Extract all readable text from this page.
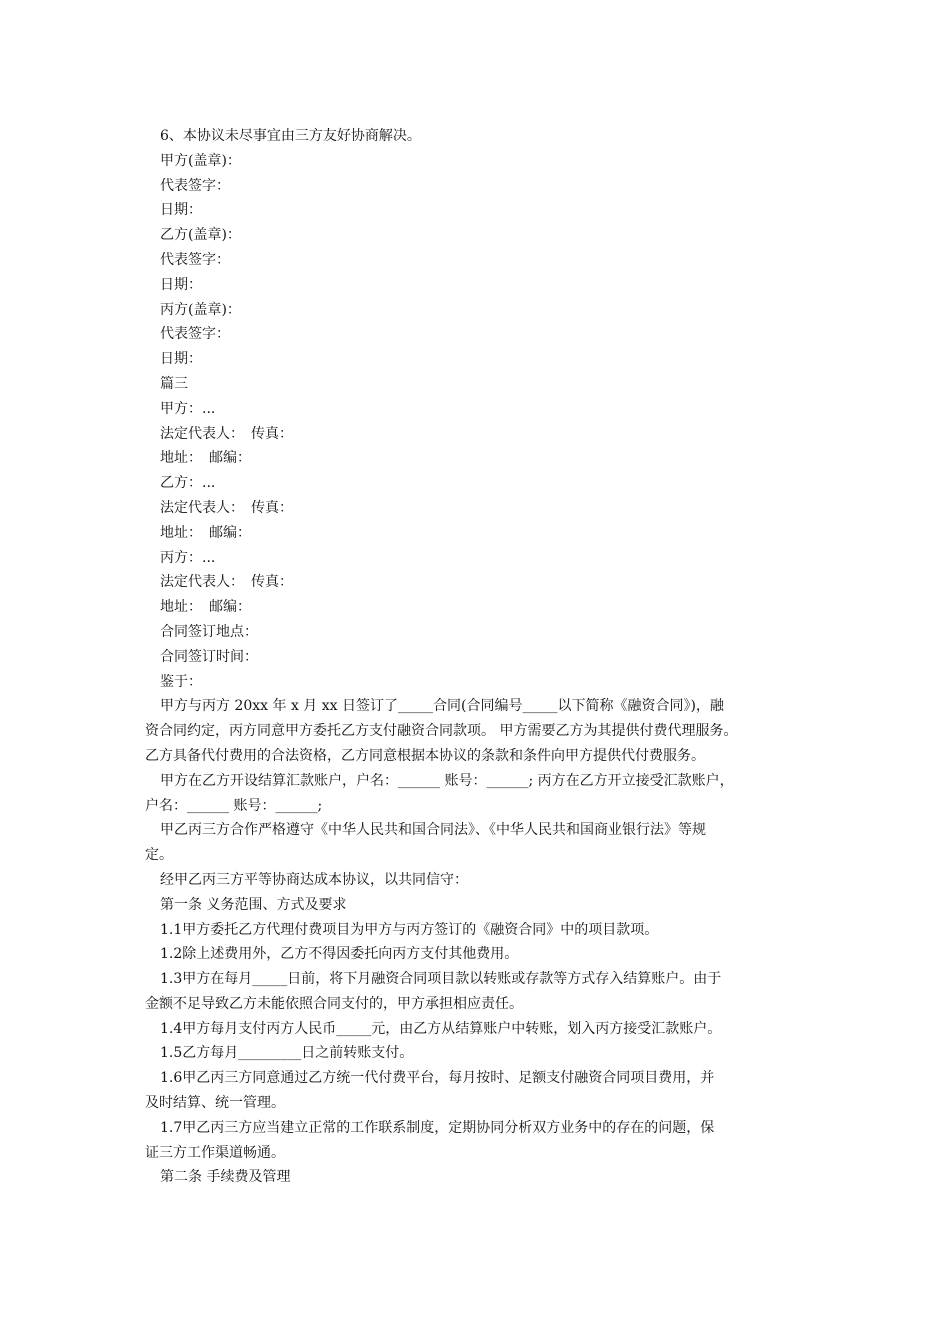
6、本协议未尽事宜由三方友好协商解决。
甲方(盖章)：
代表签字：
日期：
乙方(盖章)：
代表签字：
日期：
丙方(盖章)：
代表签字：
日期：
篇三
甲方：...
法定代表人：　传真：
地址：　邮编：
乙方：...
法定代表人：　传真：
地址：　邮编：
丙方：...
法定代表人：　传真：
地址：　邮编：
合同签订地点：
合同签订时间：
鉴于：
甲方与丙方 20xx 年 x 月 xx 日签订了_____合同(合同编号_____以下简称《融资合同》)，融
资合同约定，丙方同意甲方委托乙方支付融资合同款项。 甲方需要乙方为其提供付费代理服务。
乙方具备代付费用的合法资格，乙方同意根据本协议的条款和条件向甲方提供代付费服务。
甲方在乙方开设结算汇款账户，户名：______ 账号：______; 丙方在乙方开立接受汇款账户，
户名：______ 账号：______;
甲乙丙三方合作严格遵守《中华人民共和国合同法》、《中华人民共和国商业银行法》等规
定。
经甲乙丙三方平等协商达成本协议，以共同信守：
第一条 义务范围、方式及要求
1.1甲方委托乙方代理付费项目为甲方与丙方签订的《融资合同》中的项目款项。
1.2除上述费用外，乙方不得因委托向丙方支付其他费用。
1.3甲方在每月_____日前，将下月融资合同项目款以转账或存款等方式存入结算账户。由于
金额不足导致乙方未能依照合同支付的，甲方承担相应责任。
1.4甲方每月支付丙方人民币_____元，由乙方从结算账户中转账，划入丙方接受汇款账户。
1.5乙方每月_________日之前转账支付。
1.6甲乙丙三方同意通过乙方统一代付费平台，每月按时、足额支付融资合同项目费用，并
及时结算、统一管理。
1.7甲乙丙三方应当建立正常的工作联系制度，定期协同分析双方业务中的存在的问题，保
证三方工作渠道畅通。
第二条 手续费及管理
